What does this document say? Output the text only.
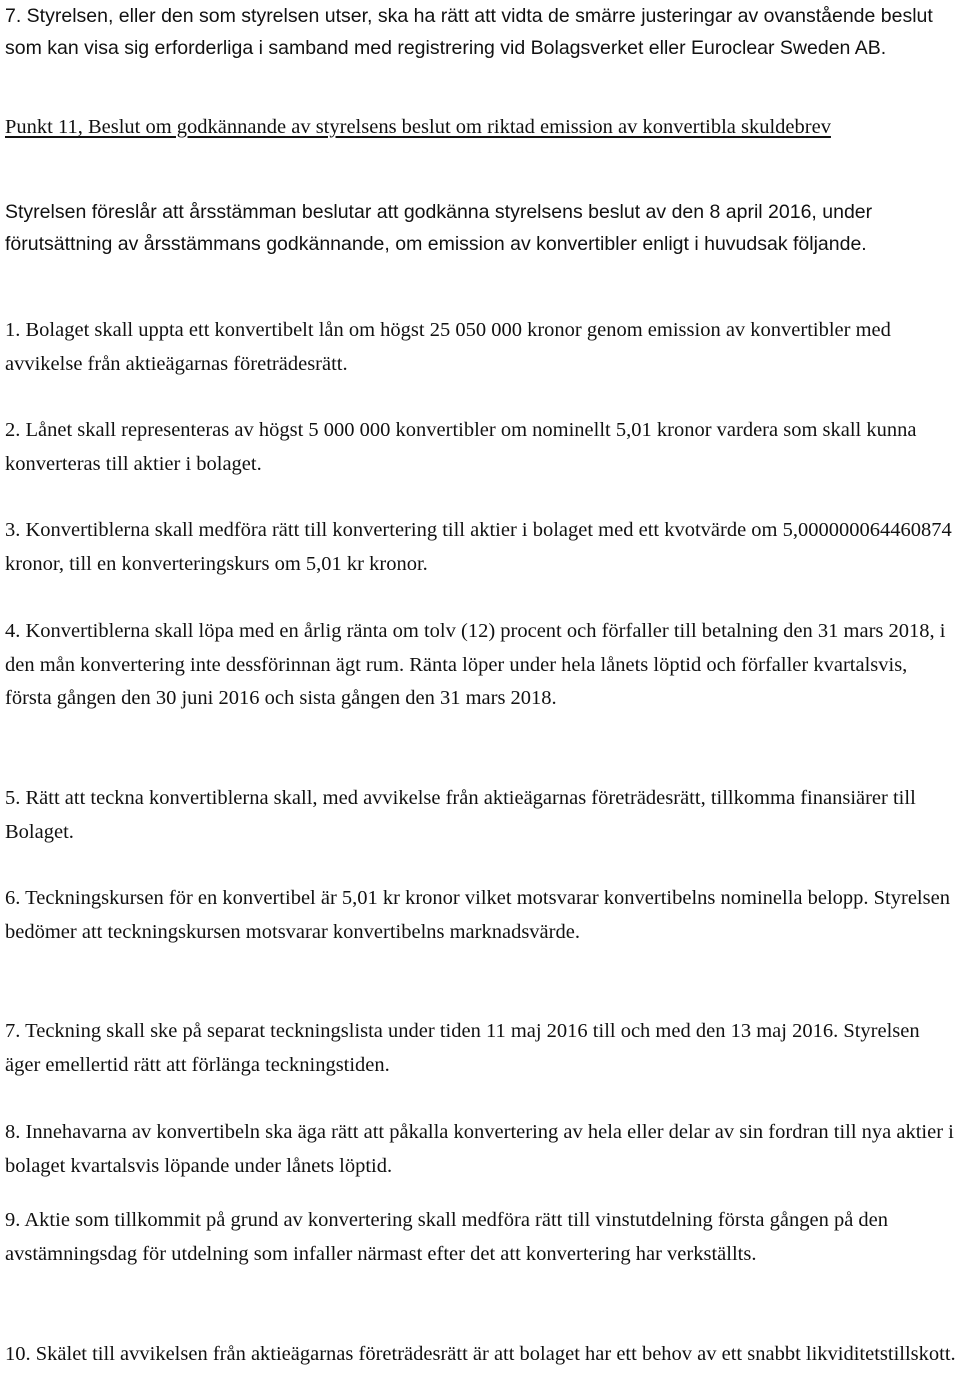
7. Styrelsen, eller den som styrelsen utser, ska ha rätt att vidta de smärre justeringar av ovanstående beslut som kan visa sig erforderliga i samband med registrering vid Bolagsverket eller Euroclear Sweden AB.

Punkt 11, Beslut om godkännande av styrelsens beslut om riktad emission av konvertibla skuldebrev

Styrelsen föreslår att årsstämman beslutar att godkänna styrelsens beslut av den 8 april 2016, under förutsättning av årsstämmans godkännande, om emission av konvertibler enligt i huvudsak följande.

1. Bolaget skall uppta ett konvertibelt lån om högst 25 050 000 kronor genom emission av konvertibler med avvikelse från aktieägarnas företrädesrätt.

2. Lånet skall representeras av högst 5 000 000 konvertibler om nominellt 5,01 kronor vardera som skall kunna konverteras till aktier i bolaget.

3. Konvertiblerna skall medföra rätt till konvertering till aktier i bolaget med ett kvotvärde om 5,000000064460874 kronor, till en konverteringskurs om 5,01 kr kronor.

4. Konvertiblerna skall löpa med en årlig ränta om tolv (12) procent och förfaller till betalning den 31 mars 2018, i den mån konvertering inte dessförinnan ägt rum. Ränta löper under hela lånets löptid och förfaller kvartalsvis, första gången den 30 juni 2016 och sista gången den 31 mars 2018.

5. Rätt att teckna konvertiblerna skall, med avvikelse från aktieägarnas företrädesrätt, tillkomma finansiärer till Bolaget.

6. Teckningskursen för en konvertibel är 5,01 kr kronor vilket motsvarar konvertibelns nominella belopp. Styrelsen bedömer att teckningskursen motsvarar konvertibelns marknadsvärde.

7. Teckning skall ske på separat teckningslista under tiden 11 maj 2016 till och med den 13 maj 2016. Styrelsen äger emellertid rätt att förlänga teckningstiden.

8. Innehavarna av konvertibeln ska äga rätt att påkalla konvertering av hela eller delar av sin fordran till nya aktier i bolaget kvartalsvis löpande under lånets löptid.

9. Aktie som tillkommit på grund av konvertering skall medföra rätt till vinstutdelning första gången på den avstämningsdag för utdelning som infaller närmast efter det att konvertering har verkställts.

10. Skälet till avvikelsen från aktieägarnas företrädesrätt är att bolaget har ett behov av ett snabbt likviditetstillskott.
